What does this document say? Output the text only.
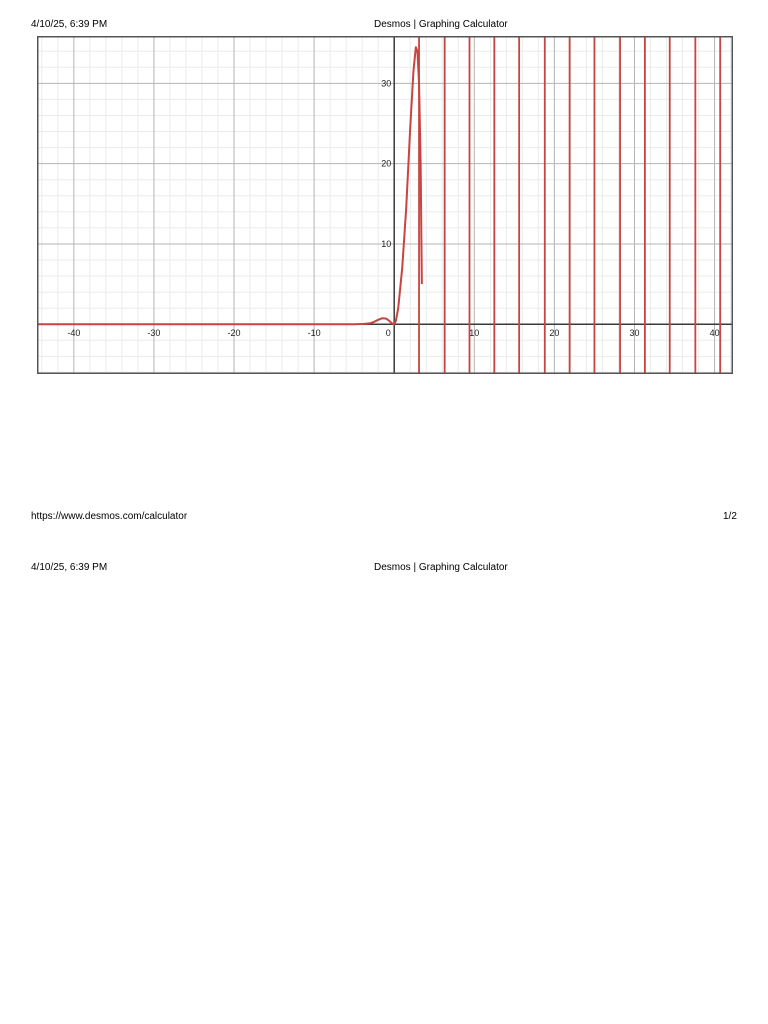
4/10/25, 6:39 PM	Desmos | Graphing Calculator
-40	-30	-20	-10	0	10	20	30	40
10
20
30
https://www.desmos.com/calculator	1/2
4/10/25, 6:39 PM	Desmos | Graphing Calculator
